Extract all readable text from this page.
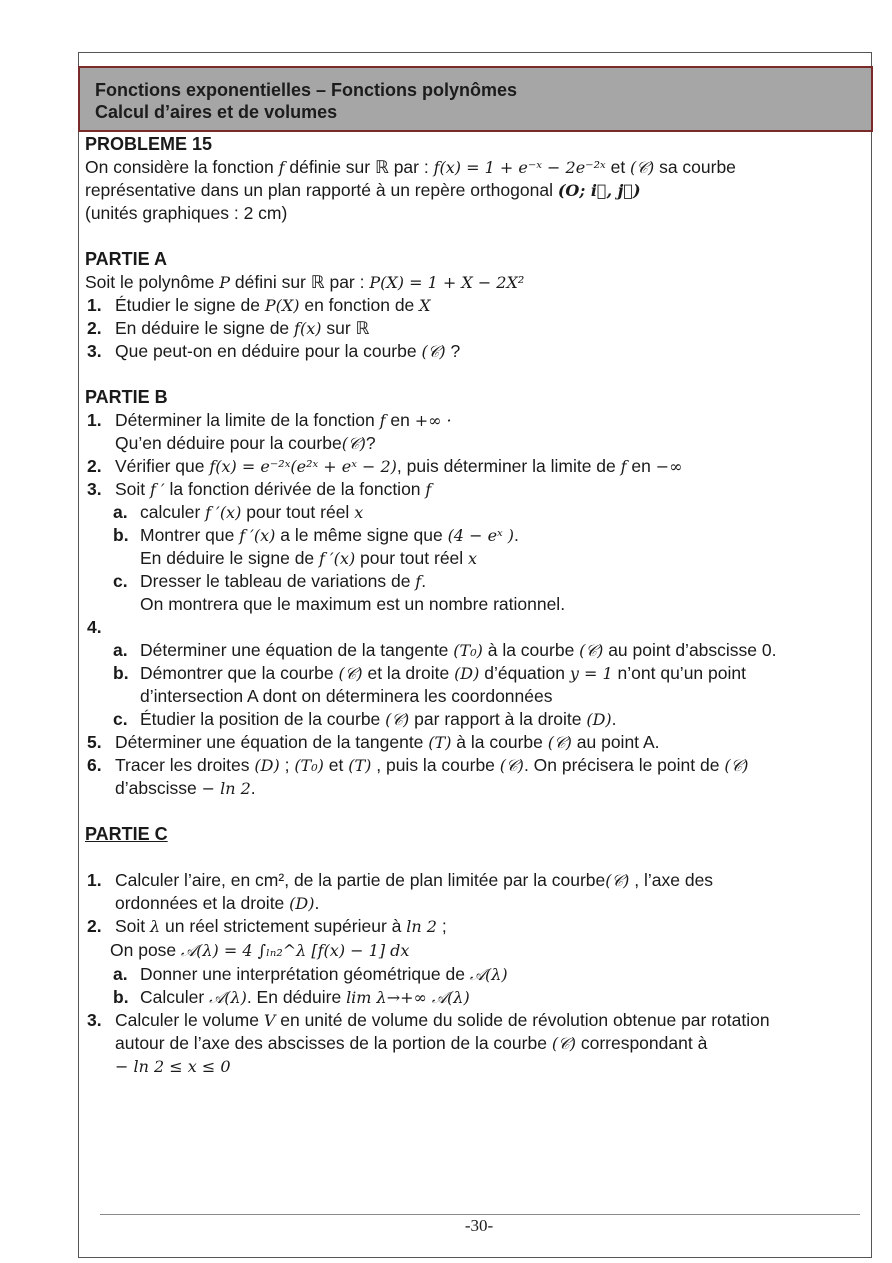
Fonctions exponentielles – Fonctions polynômes
Calcul d’aires et de volumes
PROBLEME 15
On considère la fonction f définie sur ℝ par : f(x) = 1 + e⁻ˣ − 2e⁻²ˣ et (𝒞) sa courbe
représentative dans un plan rapporté à un repère orthogonal (O; i⃗, j⃗)
(unités graphiques : 2 cm)
PARTIE A
Soit le polynôme P défini sur ℝ par : P(X) = 1 + X − 2X²
1. Étudier le signe de P(X) en fonction de X
2. En déduire le signe de f(x) sur ℝ
3. Que peut-on en déduire pour la courbe (𝒞) ?
PARTIE B
1. Déterminer la limite de la fonction f en +∞ ·
Qu’en déduire pour la courbe(𝒞)?
2. Vérifier que f(x) = e⁻²ˣ(e²ˣ + eˣ − 2), puis déterminer la limite de f en −∞
3. Soit f ′ la fonction dérivée de la fonction f
a. calculer f ′(x) pour tout réel x
b. Montrer que f ′(x) a le même signe que (4 − eˣ ).
En déduire le signe de f ′(x) pour tout réel x
c. Dresser le tableau de variations de f.
On montrera que le maximum est un nombre rationnel.
4.

a. Déterminer une équation de la tangente (T₀) à la courbe (𝒞) au point d’abscisse 0.
b. Démontrer que la courbe (𝒞) et la droite (D) d’équation y = 1 n’ont qu’un point
d’intersection A dont on déterminera les coordonnées
c. Étudier la position de la courbe (𝒞) par rapport à la droite (D).
5. Déterminer une équation de la tangente (T) à la courbe (𝒞) au point A.
6. Tracer les droites (D) ; (T₀) et (T) , puis la courbe (𝒞). On précisera le point de (𝒞)
d’abscisse − ln 2.
PARTIE C
1. Calculer l’aire, en cm², de la partie de plan limitée par la courbe(𝒞) , l’axe des
ordonnées et la droite (D).
2. Soit λ un réel strictement supérieur à ln 2 ;
On pose 𝒜(λ) = 4 ∫ₗₙ₂^λ [f(x) − 1] dx
a. Donner une interprétation géométrique de 𝒜(λ)
b. Calculer 𝒜(λ). En déduire lim λ→+∞ 𝒜(λ)
3. Calculer le volume V en unité de volume du solide de révolution obtenue par rotation
autour de l’axe des abscisses de la portion de la courbe (𝒞) correspondant à
− ln 2 ≤ x ≤ 0
-30-
